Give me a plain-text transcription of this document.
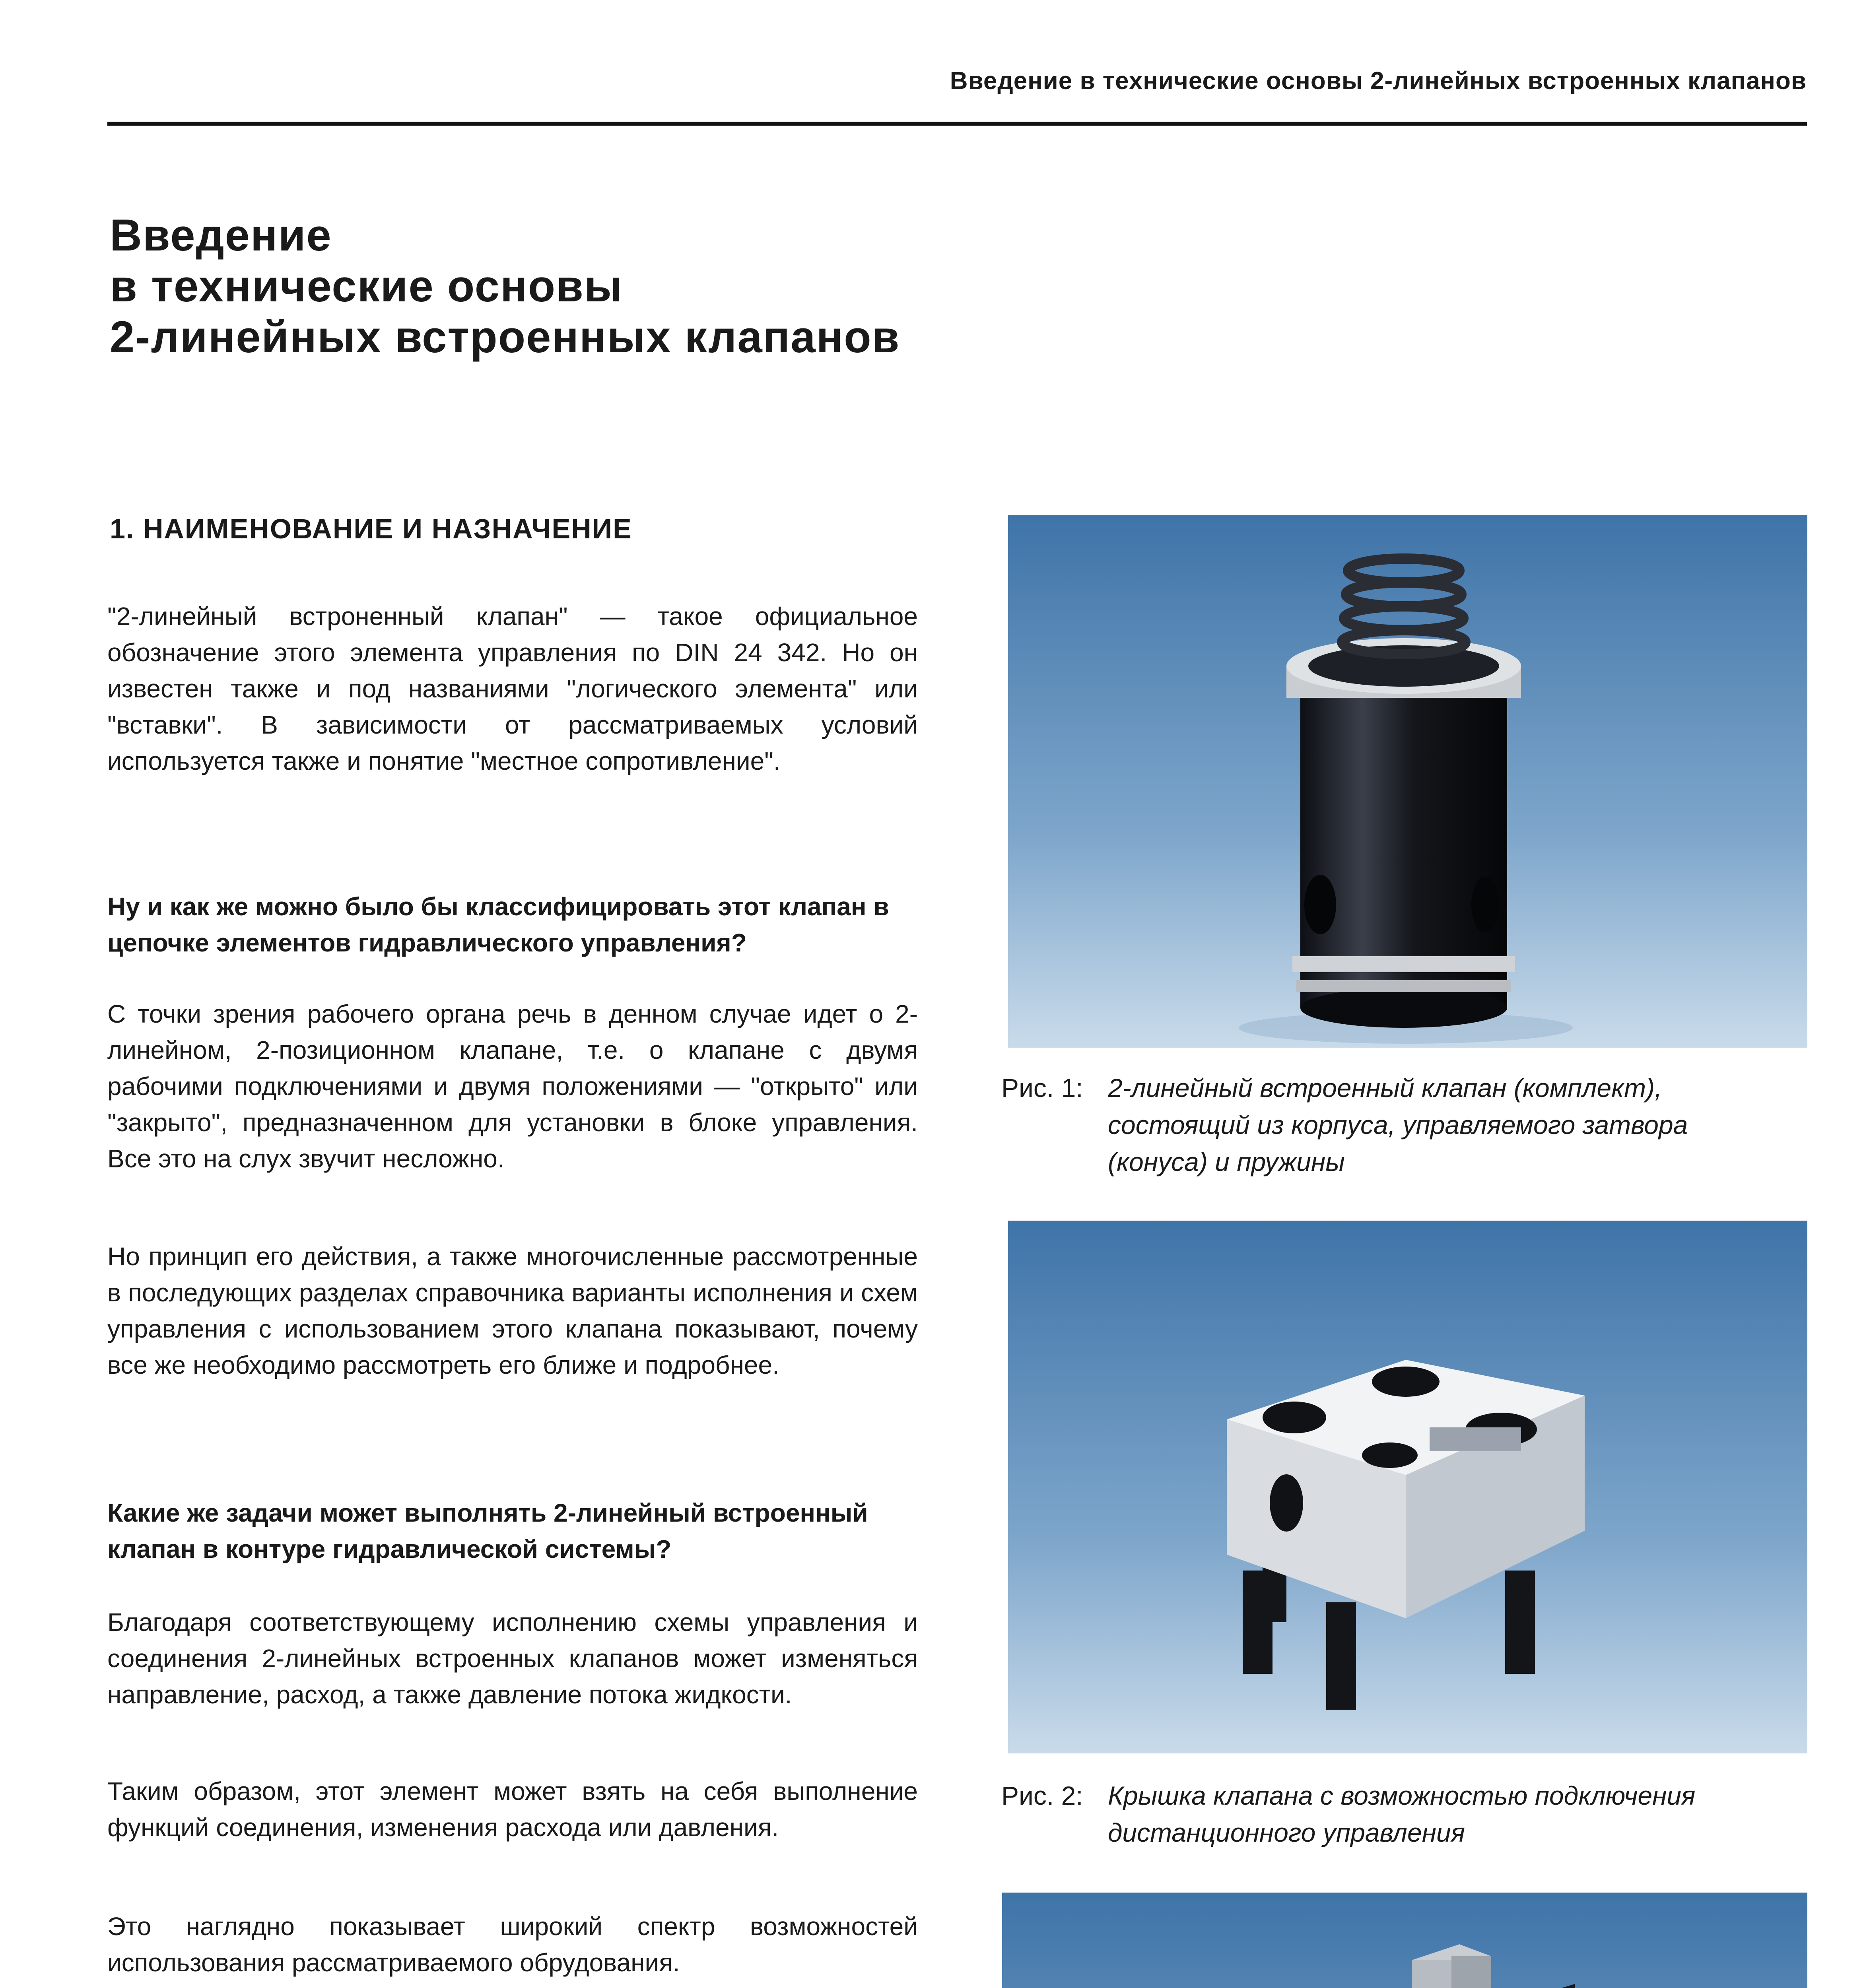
Введение в технические основы 2-линейных встроенных клапанов
Введение
в технические основы
2-линейных встроенных клапанов
1. НАИМЕНОВАНИЕ И НАЗНАЧЕНИЕ

"2-линейный встроненный клапан" — такое официальное обозначение этого элемента управления по DIN 24 342. Но он известен также и под названиями "логического элемента" или "вставки". В зависимости от рассматриваемых условий используется также и понятие "местное сопротивление".

Ну и как же можно было бы классифицировать этот клапан в цепочке элементов гидравлического управления?

С точки зрения рабочего органа речь в денном случае идет о 2-линейном, 2-позиционном клапане, т.е. о клапане с двумя рабочими подключениями и двумя положениями — "открыто" или "закрыто", предназначенном для установки в блоке управления. Все это на слух звучит несложно.

Но принцип его действия, а также многочисленные рассмотренные в последующих разделах справочника варианты исполнения и схем управления с использованием этого клапана показывают, почему все же необходимо рассмотреть его ближе и подробнее.

Какие же задачи может выполнять 2-линейный встроенный клапан в контуре гидравлической системы?

Благодаря соответствующему исполнению схемы управления и соединения 2-линейных встроенных клапанов может изменяться направление, расход, а также давление потока жидкости.

Таким образом, этот элемент может взять на себя выполнение функций соединения, изменения расхода или давления.

Это наглядно показывает широкий спектр возможностей использования рассматриваемого обрудования.

Рис. 1: 2-линейный встроенный клапан (комплект),
состоящий из корпуса, управляемого затвора
(конуса) и пружины
Рис. 2: Крышка клапана с возможностью подключения
дистанционного управления
